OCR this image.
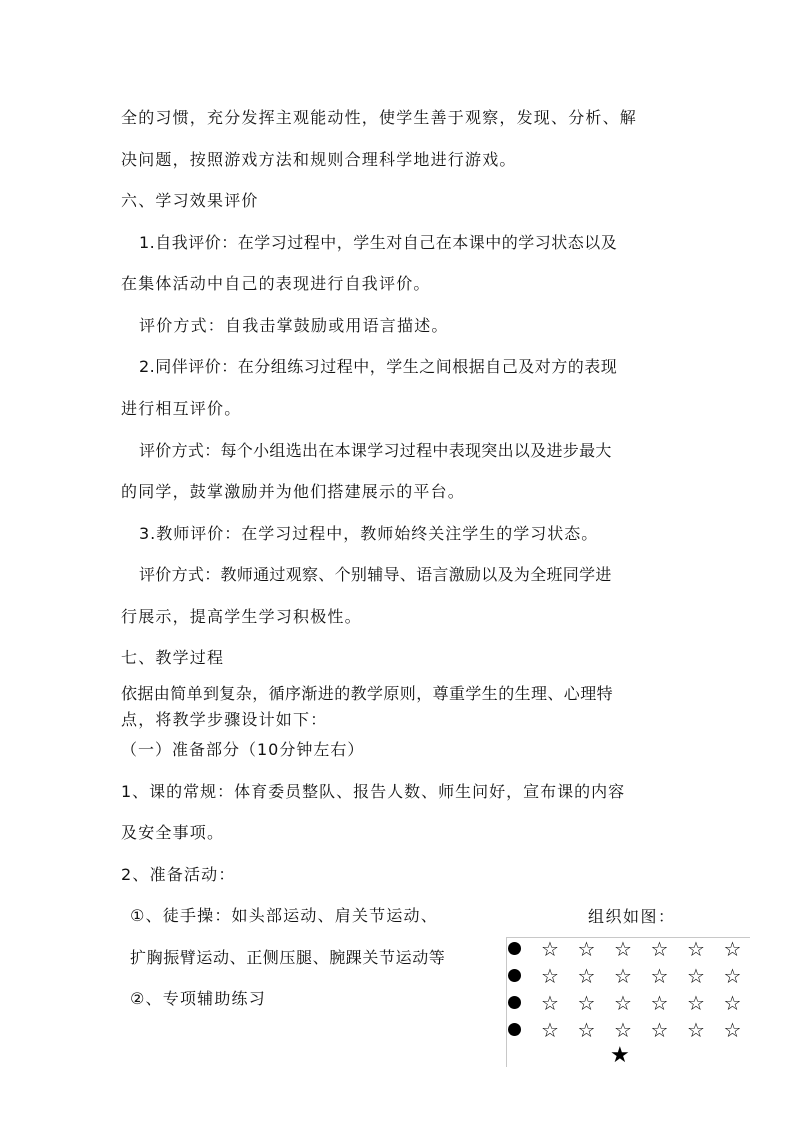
全的习惯，充分发挥主观能动性，使学生善于观察，发现、分析、解
决问题，按照游戏方法和规则合理科学地进行游戏。
六、学习效果评价
1.自我评价：在学习过程中，学生对自己在本课中的学习状态以及
在集体活动中自己的表现进行自我评价。
评价方式：自我击掌鼓励或用语言描述。
2.同伴评价：在分组练习过程中，学生之间根据自己及对方的表现
进行相互评价。
评价方式：每个小组选出在本课学习过程中表现突出以及进步最大
的同学，鼓掌激励并为他们搭建展示的平台。
3.教师评价：在学习过程中，教师始终关注学生的学习状态。
评价方式：教师通过观察、个别辅导、语言激励以及为全班同学进
行展示，提高学生学习积极性。
七、教学过程
依据由简单到复杂，循序渐进的教学原则，尊重学生的生理、心理特
点，将教学步骤设计如下：
（一）准备部分（10分钟左右）
1、课的常规：体育委员整队、报告人数、师生问好，宣布课的内容
及安全事项。
2、准备活动：
①、徒手操：如头部运动、肩关节运动、
扩胸振臂运动、正侧压腿、腕踝关节运动等
②、专项辅助练习
组织如图：
☆ ☆ ☆ ☆ ☆ ☆
☆ ☆ ☆ ☆ ☆ ☆
☆ ☆ ☆ ☆ ☆ ☆
☆ ☆ ☆ ☆ ☆ ☆
★
